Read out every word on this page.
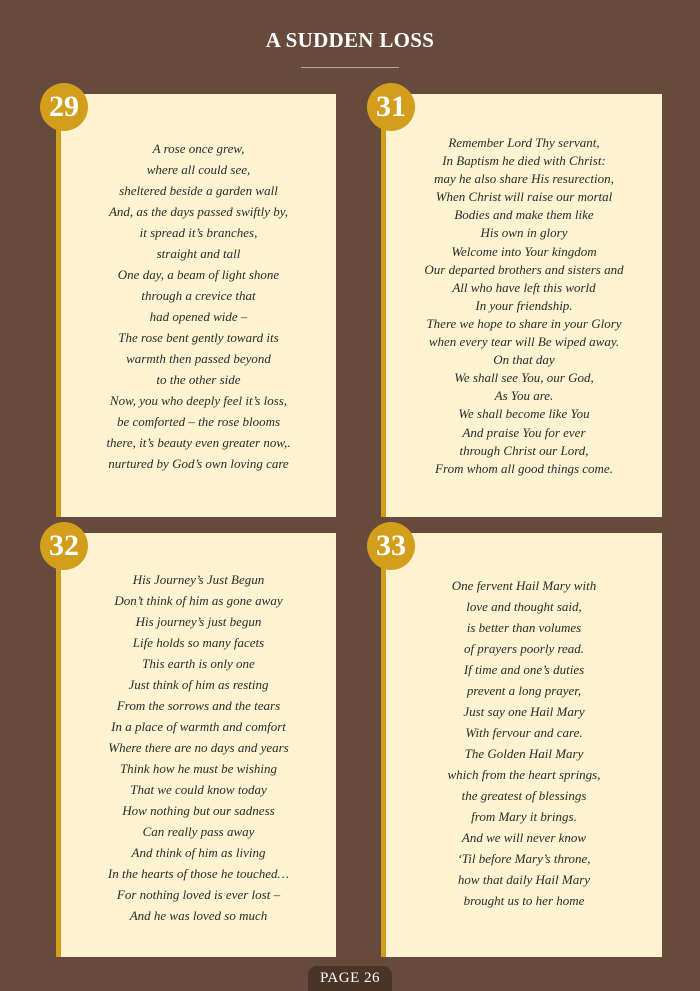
A SUDDEN LOSS
A rose once grew,
where all could see,
sheltered beside a garden wall
And, as the days passed swiftly by,
it spread it’s branches,
straight and tall
One day, a beam of light shone
through a crevice that
had opened wide –
The rose bent gently toward its
warmth then passed beyond
to the other side
Now, you who deeply feel it’s loss,
be comforted – the rose blooms
there, it’s beauty even greater now,.
nurtured by God’s own loving care
29
Remember Lord Thy servant,
In Baptism he died with Christ:
may he also share His resurection,
When Christ will raise our mortal
Bodies and make them like
His own in glory
Welcome into Your kingdom
Our departed brothers and sisters and
All who have left this world
In your friendship.
There we hope to share in your Glory
when every tear will Be wiped away.
On that day
We shall see You, our God,
As You are.
We shall become like You
And praise You for ever
through Christ our Lord,
From whom all good things come.
31
His Journey’s Just Begun
Don’t think of him as gone away
His journey’s just begun
Life holds so many facets
This earth is only one
Just think of him as resting
From the sorrows and the tears
In a place of warmth and comfort
Where there are no days and years
Think how he must be wishing
That we could know today
How nothing but our sadness
Can really pass away
And think of him as living
In the hearts of those he touched…
For nothing loved is ever lost –
And he was loved so much
32
One fervent Hail Mary with
love and thought said,
is better than volumes
of prayers poorly read.
If time and one’s duties
prevent a long prayer,
Just say one Hail Mary
With fervour and care.
The Golden Hail Mary
which from the heart springs,
the greatest of blessings
from Mary it brings.
And we will never know
‘Til before Mary’s throne,
how that daily Hail Mary
brought us to her home
33
PAGE 26
